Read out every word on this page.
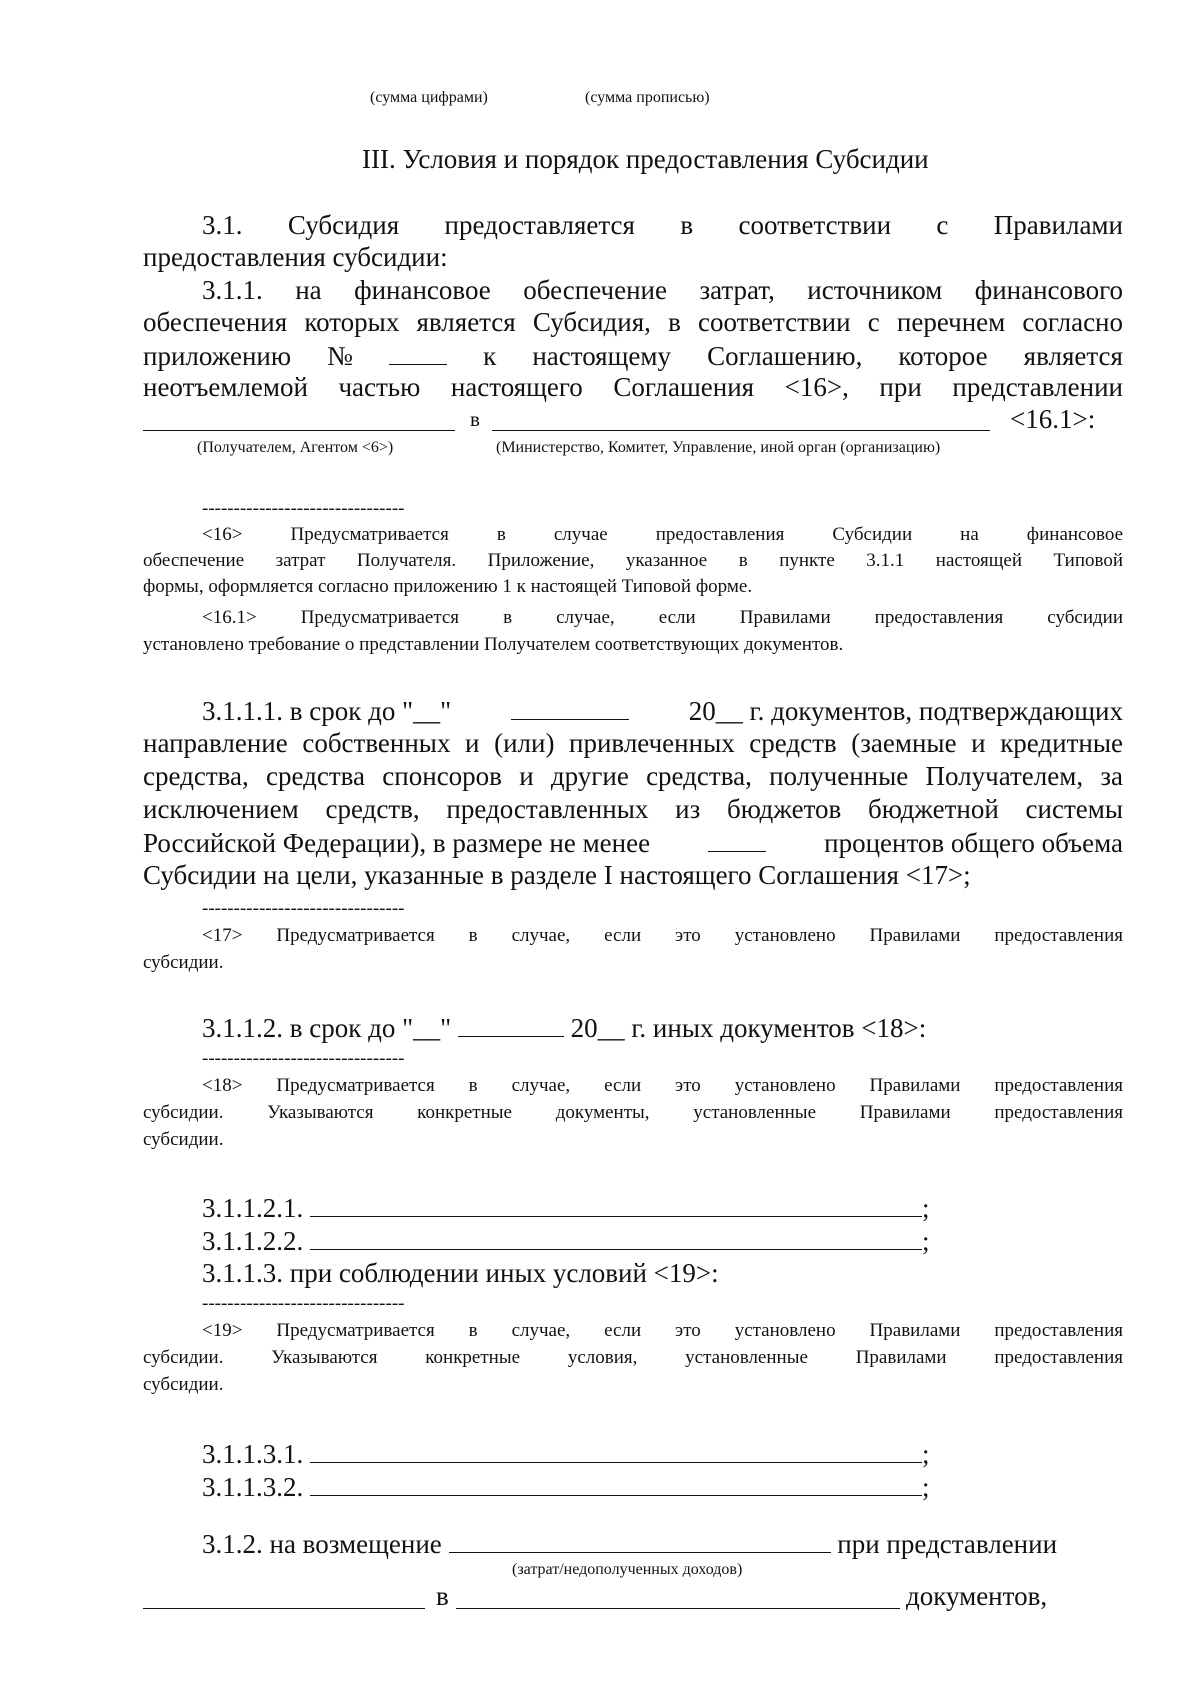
(сумма цифрами)	(сумма прописью)
III. Условия и порядок предоставления Субсидии
3.1. Субсидия предоставляется в соответствии с Правилами
предоставления субсидии:
3.1.1. на финансовое обеспечение затрат, источником финансового
обеспечения которых является Субсидия, в соответствии с перечнем согласно
приложению №	к настоящему Соглашению, которое является
неотъемлемой частью настоящего Соглашения <16>, при представлении
в	<16.1>:
(Получателем, Агентом <6>)	(Министерство, Комитет, Управление, иной орган (организацию)
--------------------------------
<16> Предусматривается в случае предоставления Субсидии на финансовое
обеспечение затрат Получателя. Приложение, указанное в пункте 3.1.1 настоящей Типовой
формы, оформляется согласно приложению 1 к настоящей Типовой форме.
<16.1> Предусматривается в случае, если Правилами предоставления субсидии
установлено требование о представлении Получателем соответствующих документов.
3.1.1.1. в срок до "__"	20__ г. документов, подтверждающих
направление собственных и (или) привлеченных средств (заемные и кредитные
средства, средства спонсоров и другие средства, полученные Получателем, за
исключением средств, предоставленных из бюджетов бюджетной системы
Российской Федерации), в размере не менее	процентов общего объема
Субсидии на цели, указанные в разделе I настоящего Соглашения <17>;
--------------------------------
<17> Предусматривается в случае, если это установлено Правилами предоставления
субсидии.
3.1.1.2. в срок до "__"	20__ г. иных документов <18>:
--------------------------------
<18> Предусматривается в случае, если это установлено Правилами предоставления
субсидии. Указываются конкретные документы, установленные Правилами предоставления
субсидии.
3.1.1.2.1.	;
3.1.1.2.2.	;
3.1.1.3. при соблюдении иных условий <19>:
--------------------------------
<19> Предусматривается в случае, если это установлено Правилами предоставления
субсидии. Указываются конкретные условия, установленные Правилами предоставления
субсидии.
3.1.1.3.1.	;
3.1.1.3.2.	;
3.1.2. на возмещение	при представлении
(затрат/недополученных доходов)
в	документов,
